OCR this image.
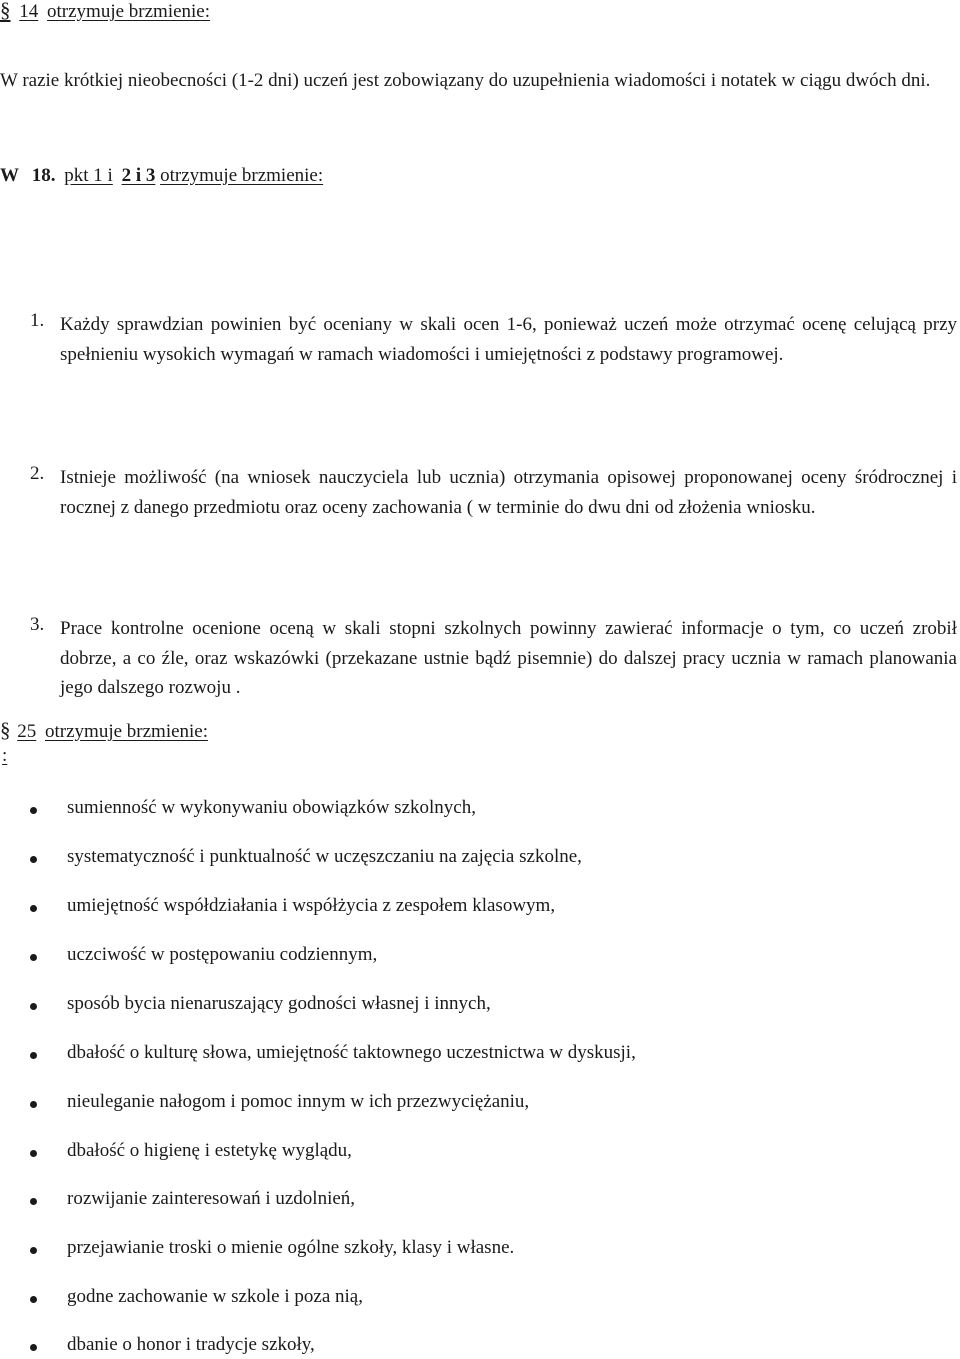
§ 14 otrzymuje brzmienie:
W razie krótkiej nieobecności (1-2 dni) uczeń jest zobowiązany do uzupełnienia wiadomości i notatek w ciągu dwóch dni.
W 18. pkt 1 i 2 i 3 otrzymuje brzmienie:
1. Każdy sprawdzian powinien być oceniany w skali ocen 1-6, ponieważ uczeń może otrzymać ocenę celującą przy spełnieniu wysokich wymagań w ramach wiadomości i umiejętności z podstawy programowej.
2. Istnieje możliwość (na wniosek nauczyciela lub ucznia) otrzymania opisowej proponowanej oceny śródrocznej i rocznej z danego przedmiotu oraz oceny zachowania ( w terminie do dwu dni od złożenia wniosku.
3. Prace kontrolne ocenione oceną w skali stopni szkolnych powinny zawierać informacje o tym, co uczeń zrobił dobrze, a co źle, oraz wskazówki (przekazane ustnie bądź pisemnie) do dalszej pracy ucznia w ramach planowania jego dalszego rozwoju .
§ 25 otrzymuje brzmienie:
:
sumienność w wykonywaniu obowiązków szkolnych,
systematyczność i punktualność w uczęszczaniu na zajęcia szkolne,
umiejętność współdziałania i współżycia z zespołem klasowym,
uczciwość w postępowaniu codziennym,
sposób bycia nienaruszający godności własnej i innych,
dbałość o kulturę słowa, umiejętność taktownego uczestnictwa w dyskusji,
nieuleganie nałogom i pomoc innym w ich przezwyciężaniu,
dbałość o higienę i estetykę wyglądu,
rozwijanie zainteresowań i uzdolnień,
przejawianie troski o mienie ogólne szkoły, klasy i własne.
godne zachowanie w szkole i poza nią,
dbanie o honor i tradycje szkoły,
